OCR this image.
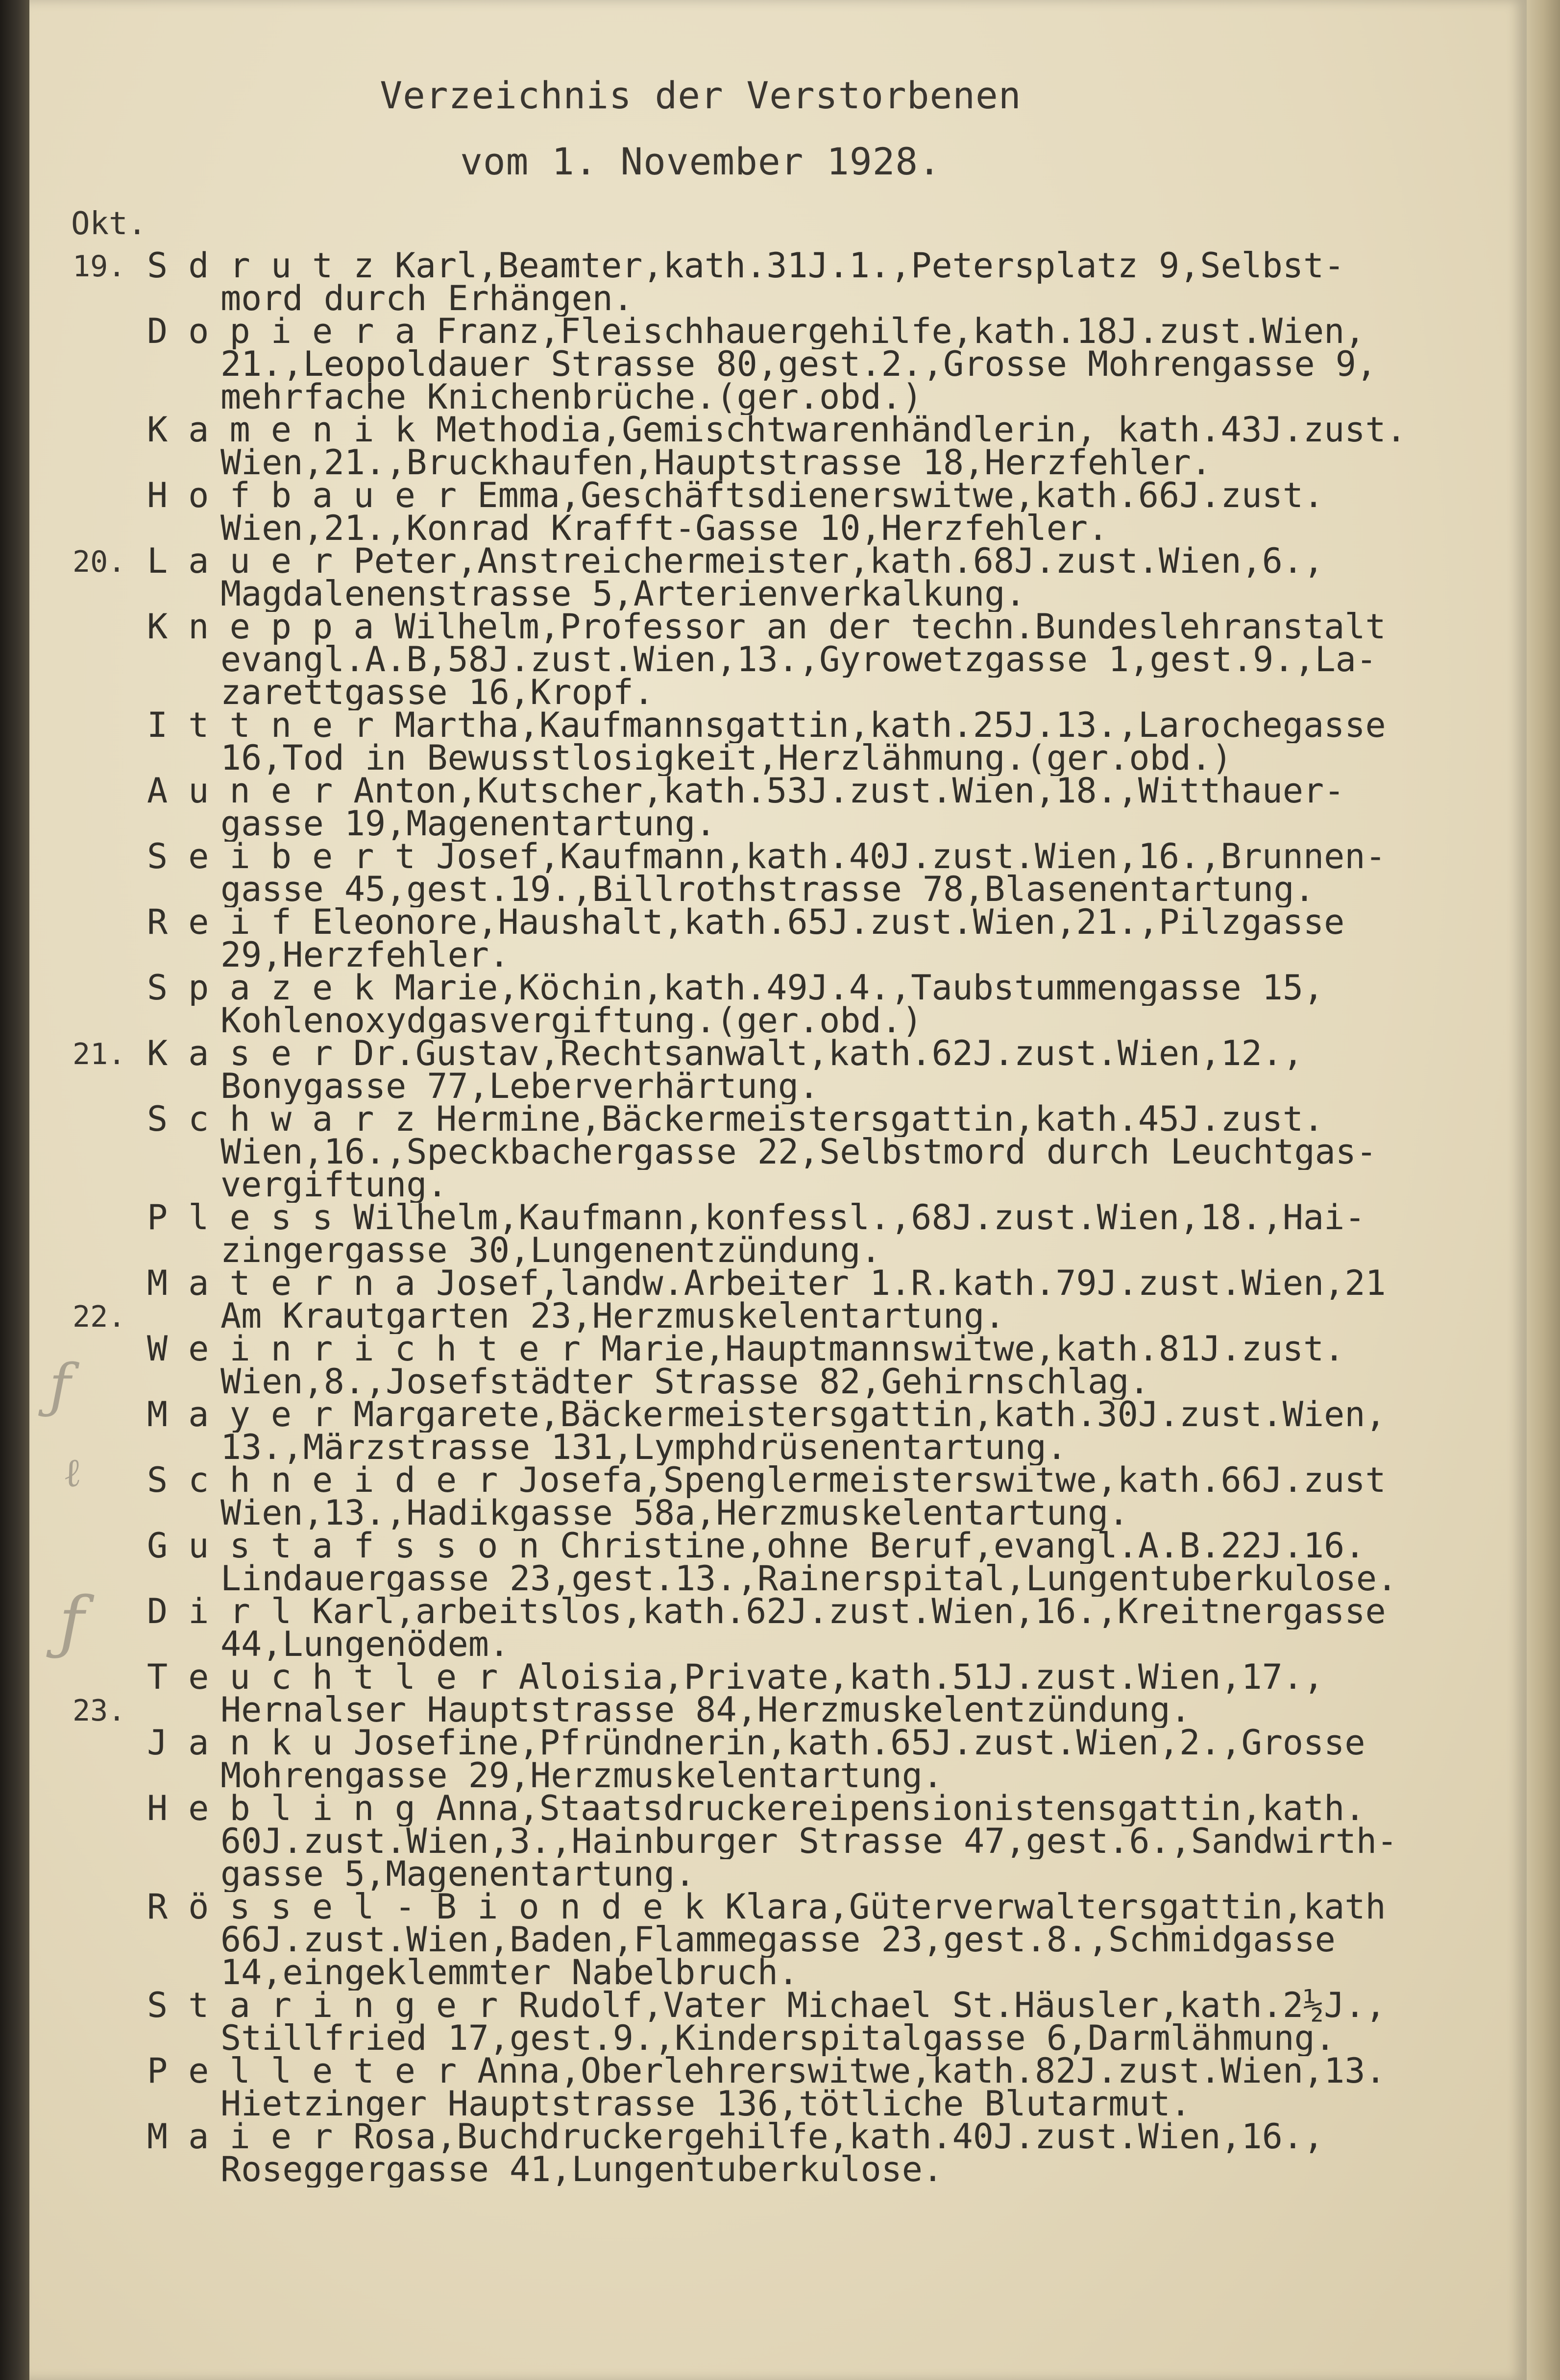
Verzeichnis der Verstorbenen
vom 1. November 1928.
Okt.
ƒ
ℓ
ƒ
S d r u t z Karl,Beamter,kath.31J.1.,Petersplatz 9,Selbst-
mord durch Erhängen.
D o p i e r a Franz,Fleischhauergehilfe,kath.18J.zust.Wien,
21.,Leopoldauer Strasse 80,gest.2.,Grosse Mohrengasse 9,
mehrfache Knichenbrüche.(ger.obd.)
K a m e n i k Methodia,Gemischtwarenhändlerin, kath.43J.zust.
Wien,21.,Bruckhaufen,Hauptstrasse 18,Herzfehler.
H o f b a u e r Emma,Geschäftsdienerswitwe,kath.66J.zust.
Wien,21.,Konrad Krafft-Gasse 10,Herzfehler.
L a u e r Peter,Anstreichermeister,kath.68J.zust.Wien,6.,
Magdalenenstrasse 5,Arterienverkalkung.
K n e p p a Wilhelm,Professor an der techn.Bundeslehranstalt
evangl.A.B,58J.zust.Wien,13.,Gyrowetzgasse 1,gest.9.,La-
zarettgasse 16,Kropf.
I t t n e r Martha,Kaufmannsgattin,kath.25J.13.,Larochegasse
16,Tod in Bewusstlosigkeit,Herzlähmung.(ger.obd.)
A u n e r Anton,Kutscher,kath.53J.zust.Wien,18.,Witthauer-
gasse 19,Magenentartung.
S e i b e r t Josef,Kaufmann,kath.40J.zust.Wien,16.,Brunnen-
gasse 45,gest.19.,Billrothstrasse 78,Blasenentartung.
R e i f Eleonore,Haushalt,kath.65J.zust.Wien,21.,Pilzgasse
29,Herzfehler.
S p a z e k Marie,Köchin,kath.49J.4.,Taubstummengasse 15,
Kohlenoxydgasvergiftung.(ger.obd.)
K a s e r Dr.Gustav,Rechtsanwalt,kath.62J.zust.Wien,12.,
Bonygasse 77,Leberverhärtung.
S c h w a r z Hermine,Bäckermeistersgattin,kath.45J.zust.
Wien,16.,Speckbachergasse 22,Selbstmord durch Leuchtgas-
vergiftung.
P l e s s Wilhelm,Kaufmann,konfessl.,68J.zust.Wien,18.,Hai-
zingergasse 30,Lungenentzündung.
M a t e r n a Josef,landw.Arbeiter 1.R.kath.79J.zust.Wien,21
Am Krautgarten 23,Herzmuskelentartung.
W e i n r i c h t e r Marie,Hauptmannswitwe,kath.81J.zust.
Wien,8.,Josefstädter Strasse 82,Gehirnschlag.
M a y e r Margarete,Bäckermeistersgattin,kath.30J.zust.Wien,
13.,Märzstrasse 131,Lymphdrüsenentartung.
S c h n e i d e r Josefa,Spenglermeisterswitwe,kath.66J.zust
Wien,13.,Hadikgasse 58a,Herzmuskelentartung.
G u s t a f s s o n Christine,ohne Beruf,evangl.A.B.22J.16.
Lindauergasse 23,gest.13.,Rainerspital,Lungentuberkulose.
D i r l Karl,arbeitslos,kath.62J.zust.Wien,16.,Kreitnergasse
44,Lungenödem.
T e u c h t l e r Aloisia,Private,kath.51J.zust.Wien,17.,
Hernalser Hauptstrasse 84,Herzmuskelentzündung.
J a n k u Josefine,Pfründnerin,kath.65J.zust.Wien,2.,Grosse
Mohrengasse 29,Herzmuskelentartung.
H e b l i n g Anna,Staatsdruckereipensionistensgattin,kath.
60J.zust.Wien,3.,Hainburger Strasse 47,gest.6.,Sandwirth-
gasse 5,Magenentartung.
R ö s s e l - B i o n d e k Klara,Güterverwaltersgattin,kath
66J.zust.Wien,Baden,Flammegasse 23,gest.8.,Schmidgasse
14,eingeklemmter Nabelbruch.
S t a r i n g e r Rudolf,Vater Michael St.Häusler,kath.2½J.,
Stillfried 17,gest.9.,Kinderspitalgasse 6,Darmlähmung.
P e l l e t e r Anna,Oberlehrerswitwe,kath.82J.zust.Wien,13.
Hietzinger Hauptstrasse 136,tötliche Blutarmut.
M a i e r Rosa,Buchdruckergehilfe,kath.40J.zust.Wien,16.,
Roseggergasse 41,Lungentuberkulose.
19.
20.
21.
22.
23.
